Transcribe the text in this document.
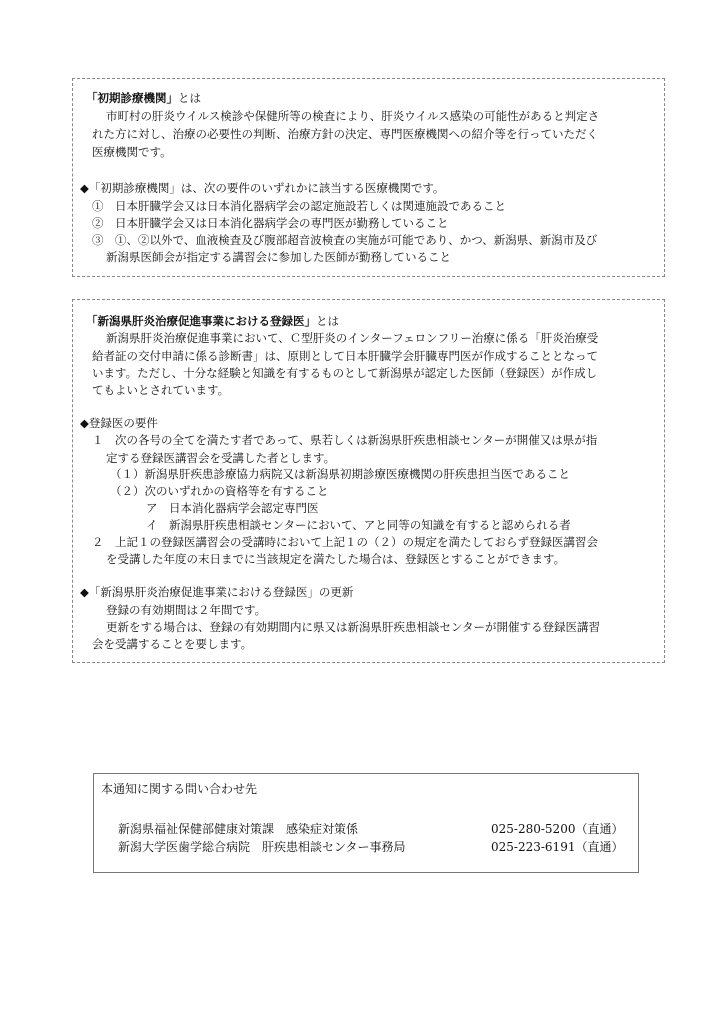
「初期診療機関」とは
市町村の肝炎ウイルス検診や保健所等の検査により、肝炎ウイルス感染の可能性があると判定さ
れた方に対し、治療の必要性の判断、治療方針の決定、専門医療機関への紹介等を行っていただく
医療機関です。
◆「初期診療機関」は、次の要件のいずれかに該当する医療機関です。
①　日本肝臓学会又は日本消化器病学会の認定施設若しくは関連施設であること
②　日本肝臓学会又は日本消化器病学会の専門医が勤務していること
③　①、②以外で、血液検査及び腹部超音波検査の実施が可能であり、かつ、新潟県、新潟市及び
新潟県医師会が指定する講習会に参加した医師が勤務していること
「新潟県肝炎治療促進事業における登録医」とは
新潟県肝炎治療促進事業において、Ｃ型肝炎のインターフェロンフリー治療に係る「肝炎治療受
給者証の交付申請に係る診断書」は、原則として日本肝臓学会肝臓専門医が作成することとなって
います。ただし、十分な経験と知識を有するものとして新潟県が認定した医師（登録医）が作成し
てもよいとされています。
◆登録医の要件
１　次の各号の全てを満たす者であって、県若しくは新潟県肝疾患相談センターが開催又は県が指
定する登録医講習会を受講した者とします。
（１）新潟県肝疾患診療協力病院又は新潟県初期診療医療機関の肝疾患担当医であること
（２）次のいずれかの資格等を有すること
ア　日本消化器病学会認定専門医
イ　新潟県肝疾患相談センターにおいて、アと同等の知識を有すると認められる者
２　上記１の登録医講習会の受講時において上記１の（２）の規定を満たしておらず登録医講習会
を受講した年度の末日までに当該規定を満たした場合は、登録医とすることができます。
◆「新潟県肝炎治療促進事業における登録医」の更新
登録の有効期間は２年間です。
更新をする場合は、登録の有効期間内に県又は新潟県肝疾患相談センターが開催する登録医講習
会を受講することを要します。
本通知に関する問い合わせ先
新潟県福祉保健部健康対策課　感染症対策係	025-280-5200（直通）
新潟大学医歯学総合病院　肝疾患相談センター事務局	025-223-6191（直通）
